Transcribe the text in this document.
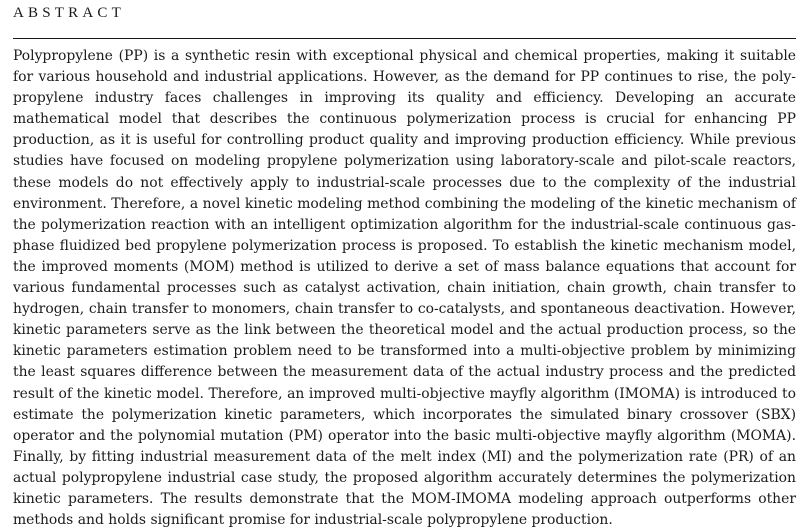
ABSTRACT

Polypropylene (PP) is a synthetic resin with exceptional physical and chemical properties, making it suitable for various household and industrial applications. However, as the demand for PP continues to rise, the polypropylene industry faces challenges in improving its quality and efficiency. Developing an accurate mathematical model that describes the continuous polymerization process is crucial for enhancing PP production, as it is useful for controlling product quality and improving production efficiency. While previous studies have focused on modeling propylene polymerization using laboratory-scale and pilot-scale reactors, these models do not effectively apply to industrial-scale processes due to the complexity of the industrial environment. Therefore, a novel kinetic modeling method combining the modeling of the kinetic mechanism of the polymerization reaction with an intelligent optimization algorithm for the industrial-scale continuous gas-phase fluidized bed propylene polymerization process is proposed. To establish the kinetic mechanism model, the improved moments (MOM) method is utilized to derive a set of mass balance equations that account for various fundamental processes such as catalyst activation, chain initiation, chain growth, chain transfer to hydrogen, chain transfer to monomers, chain transfer to co-catalysts, and spontaneous deactivation. However, kinetic parameters serve as the link between the theoretical model and the actual production process, so the kinetic parameters estimation problem need to be transformed into a multi-objective problem by minimizing the least squares difference between the measurement data of the actual industry process and the predicted result of the kinetic model. Therefore, an improved multi-objective mayfly algorithm (IMOMA) is introduced to estimate the polymerization kinetic parameters, which incorporates the simulated binary crossover (SBX) operator and the polynomial mutation (PM) operator into the basic multi-objective mayfly algorithm (MOMA). Finally, by fitting industrial measurement data of the melt index (MI) and the polymerization rate (PR) of an actual polypropylene industrial case study, the proposed algorithm accurately determines the polymerization kinetic parameters. The results demonstrate that the MOM-IMOMA modeling approach outperforms other methods and holds significant promise for industrial-scale polypropylene production.
